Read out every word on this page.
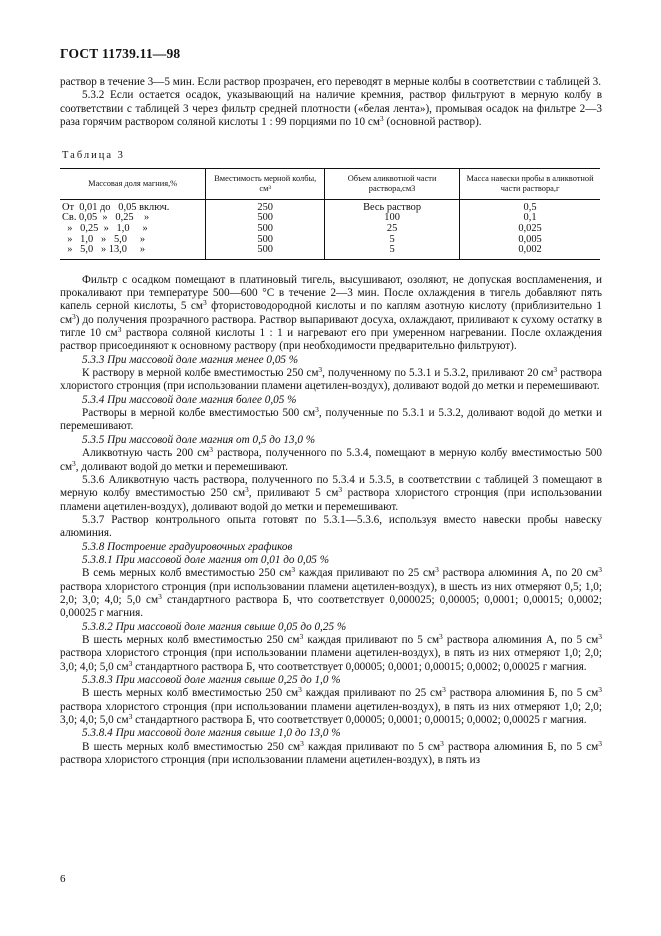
ГОСТ 11739.11—98

раствор в течение 3—5 мин. Если раствор прозрачен, его переводят в мерные колбы в соответствии с таблицей 3.

5.3.2 Если остается осадок, указывающий на наличие кремния, раствор фильтруют в мерную колбу в соответствии с таблицей 3 через фильтр средней плотности («белая лента»), промывая осадок на фильтре 2—3 раза горячим раствором соляной кислоты 1 : 99 порциями по 10 $см^3$ (основной раствор).

Таблица 3
Массовая доля магния,%	Вместимость мерной колбы, см³	Объем аликвотной части раствора,см3	Масса навески пробы в аликвотной части раствора,г
От  0,01 до   0,05 включ.	250	Весь раствор	0,5
Св. 0,05  »   0,25    »	500	100	0,1
»   0,25  »   1,0     »	500	25	0,025
»   1,0   »   5,0     »	500	5	0,005
»   5,0   » 13,0     »	500	5	0,002

Фильтр с осадком помещают в платиновый тигель, высушивают, озоляют, не допуская воспламенения, и прокаливают при температуре 500—600 °С в течение 2—3 мин. После охлаждения в тигель добавляют пять капель серной кислоты, 5 $см^3$ фтористоводородной кислоты и по каплям азотную кислоту (приблизительно 1 $см^3$) до получения прозрачного раствора. Раствор выпаривают досуха, охлаждают, приливают к сухому остатку в тигле 10 $см^3$ раствора соляной кислоты 1 : 1 и нагревают его при умеренном нагревании. После охлаждения раствор присоединяют к основному раствору (при необходимости предварительно фильтруют).

5.3.3 При массовой доле магния менее 0,05 %

К раствору в мерной колбе вместимостью 250 $см^3$, полученному по 5.3.1 и 5.3.2, приливают 20 $см^3$ раствора хлористого стронция (при использовании пламени ацетилен-воздух), доливают водой до метки и перемешивают.

5.3.4 При массовой доле магния более 0,05 %

Растворы в мерной колбе вместимостью 500 $см^3$, полученные по 5.3.1 и 5.3.2, доливают водой до метки и перемешивают.

5.3.5 При массовой доле магния от 0,5 до 13,0 %

Аликвотную часть 200 $см^3$ раствора, полученного по 5.3.4, помещают в мерную колбу вместимостью 500 $см^3$, доливают водой до метки и перемешивают.

5.3.6 Аликвотную часть раствора, полученного по 5.3.4 и 5.3.5, в соответствии с таблицей 3 помещают в мерную колбу вместимостью 250 $см^3$, приливают 5 $см^3$ раствора хлористого стронция (при использовании пламени ацетилен-воздух), доливают водой до метки и перемешивают.

5.3.7 Раствор контрольного опыта готовят по 5.3.1—5.3.6, используя вместо навески пробы навеску алюминия.

5.3.8 Построение градуировочных графиков

5.3.8.1 При массовой доле магния от 0,01 до 0,05 %

В семь мерных колб вместимостью 250 $см^3$ каждая приливают по 25 $см^3$ раствора алюминия А, по 20 $см^3$ раствора хлористого стронция (при использовании пламени ацетилен-воздух), в шесть из них отмеряют 0,5; 1,0; 2,0; 3,0; 4,0; 5,0 $см^3$ стандартного раствора Б, что соответствует 0,000025; 0,00005; 0,0001; 0,00015; 0,0002; 0,00025 г магния.

5.3.8.2 При массовой доле магния свыше 0,05 до 0,25 %

В шесть мерных колб вместимостью 250 $см^3$ каждая приливают по 5 $см^3$ раствора алюминия А, по 5 $см^3$ раствора хлористого стронция (при использовании пламени ацетилен-воздух), в пять из них отмеряют 1,0; 2,0; 3,0; 4,0; 5,0 $см^3$ стандартного раствора Б, что соответствует 0,00005; 0,0001; 0,00015; 0,0002; 0,00025 г магния.

5.3.8.3 При массовой доле магния свыше 0,25 до 1,0 %

В шесть мерных колб вместимостью 250 $см^3$ каждая приливают по 25 $см^3$ раствора алюминия Б, по 5 $см^3$ раствора хлористого стронция (при использовании пламени ацетилен-воздух), в пять из них отмеряют 1,0; 2,0; 3,0; 4,0; 5,0 $см^3$ стандартного раствора Б, что соответствует 0,00005; 0,0001; 0,00015; 0,0002; 0,00025 г магния.

5.3.8.4 При массовой доле магния свыше 1,0 до 13,0 %

В шесть мерных колб вместимостью 250 $см^3$ каждая приливают по 5 $см^3$ раствора алюминия Б, по 5 $см^3$ раствора хлористого стронция (при использовании пламени ацетилен-воздух), в пять из

6
